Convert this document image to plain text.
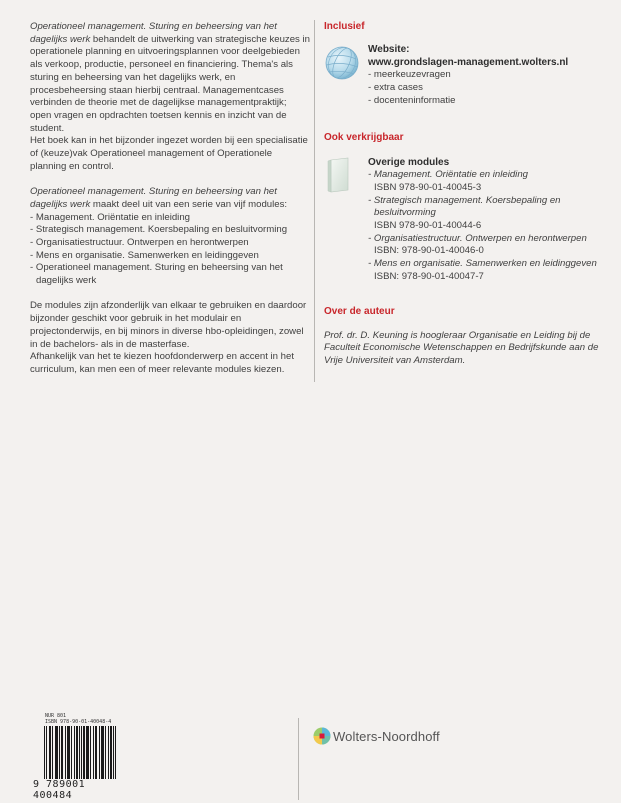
Operationeel management. Sturing en beheersing van het dagelijks werk behandelt de uitwerking van strategische keuzes in operationele planning en uitvoeringsplannen voor deelgebieden als verkoop, productie, personeel en financiering. Thema's als sturing en beheersing van het dagelijks werk, en procesbeheersing staan hierbij centraal. Managementcases verbinden de theorie met de dagelijkse managementpraktijk; open vragen en opdrachten toetsen kennis en inzicht van de student.

Het boek kan in het bijzonder ingezet worden bij een specialisatie of (keuze)vak Operationeel management of Operationele planning en control.

Operationeel management. Sturing en beheersing van het dagelijks werk maakt deel uit van een serie van vijf modules:

- Management. Oriëntatie en inleiding
- Strategisch management. Koersbepaling en besluitvorming
- Organisatiestructuur. Ontwerpen en herontwerpen
- Mens en organisatie. Samenwerken en leidinggeven
- Operationeel management. Sturing en beheersing van het dagelijks werk

De modules zijn afzonderlijk van elkaar te gebruiken en daardoor bijzonder geschikt voor gebruik in het modulair en projectonderwijs, en bij minors in diverse hbo-opleidingen, zowel in de bachelors- als in de masterfase.

Afhankelijk van het te kiezen hoofdonderwerp en accent in het curriculum, kan men een of meer relevante modules kiezen.

Inclusief

Website:
www.grondslagen-management.wolters.nl
- meerkeuzevragen
- extra cases
- docenteninformatie

Ook verkrijgbaar

Overige modules
- Management. Oriëntatie en inleiding
ISBN 978-90-01-40045-3
- Strategisch management. Koersbepaling en besluitvorming
ISBN 978-90-01-40044-6
- Organisatiestructuur. Ontwerpen en herontwerpen
ISBN: 978-90-01-40046-0
- Mens en organisatie. Samenwerken en leidinggeven
ISBN: 978-90-01-40047-7

Over de auteur

Prof. dr. D. Keuning is hoogleraar Organisatie en Leiding bij de Faculteit Economische Wetenschappen en Bedrijfskunde aan de Vrije Universiteit van Amsterdam.

NUR 801
ISBN 978-90-01-40048-4
9 789001 400484
Wolters-Noordhoff
